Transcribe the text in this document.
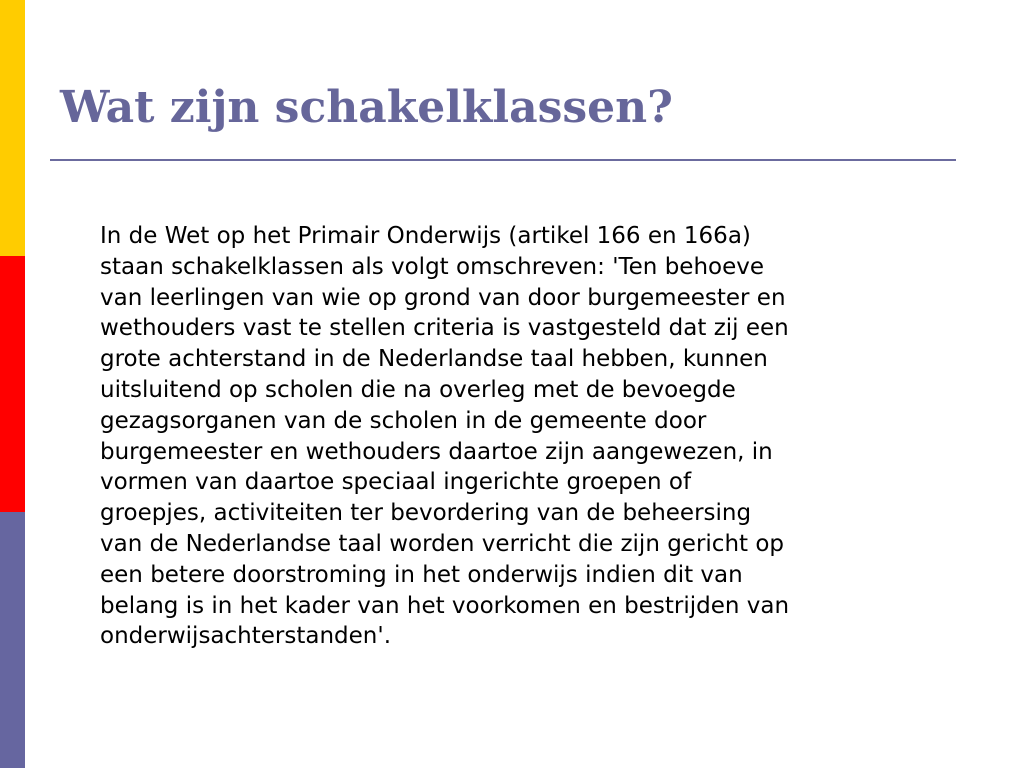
Wat zijn schakelklassen?
In de Wet op het Primair Onderwijs (artikel 166 en 166a)
staan schakelklassen als volgt omschreven: 'Ten behoeve
van leerlingen van wie op grond van door burgemeester en
wethouders vast te stellen criteria is vastgesteld dat zij een
grote achterstand in de Nederlandse taal hebben, kunnen
uitsluitend op scholen die na overleg met de bevoegde
gezagsorganen van de scholen in de gemeente door
burgemeester en wethouders daartoe zijn aangewezen, in
vormen van daartoe speciaal ingerichte groepen of
groepjes, activiteiten ter bevordering van de beheersing
van de Nederlandse taal worden verricht die zijn gericht op
een betere doorstroming in het onderwijs indien dit van
belang is in het kader van het voorkomen en bestrijden van
onderwijsachterstanden'.
